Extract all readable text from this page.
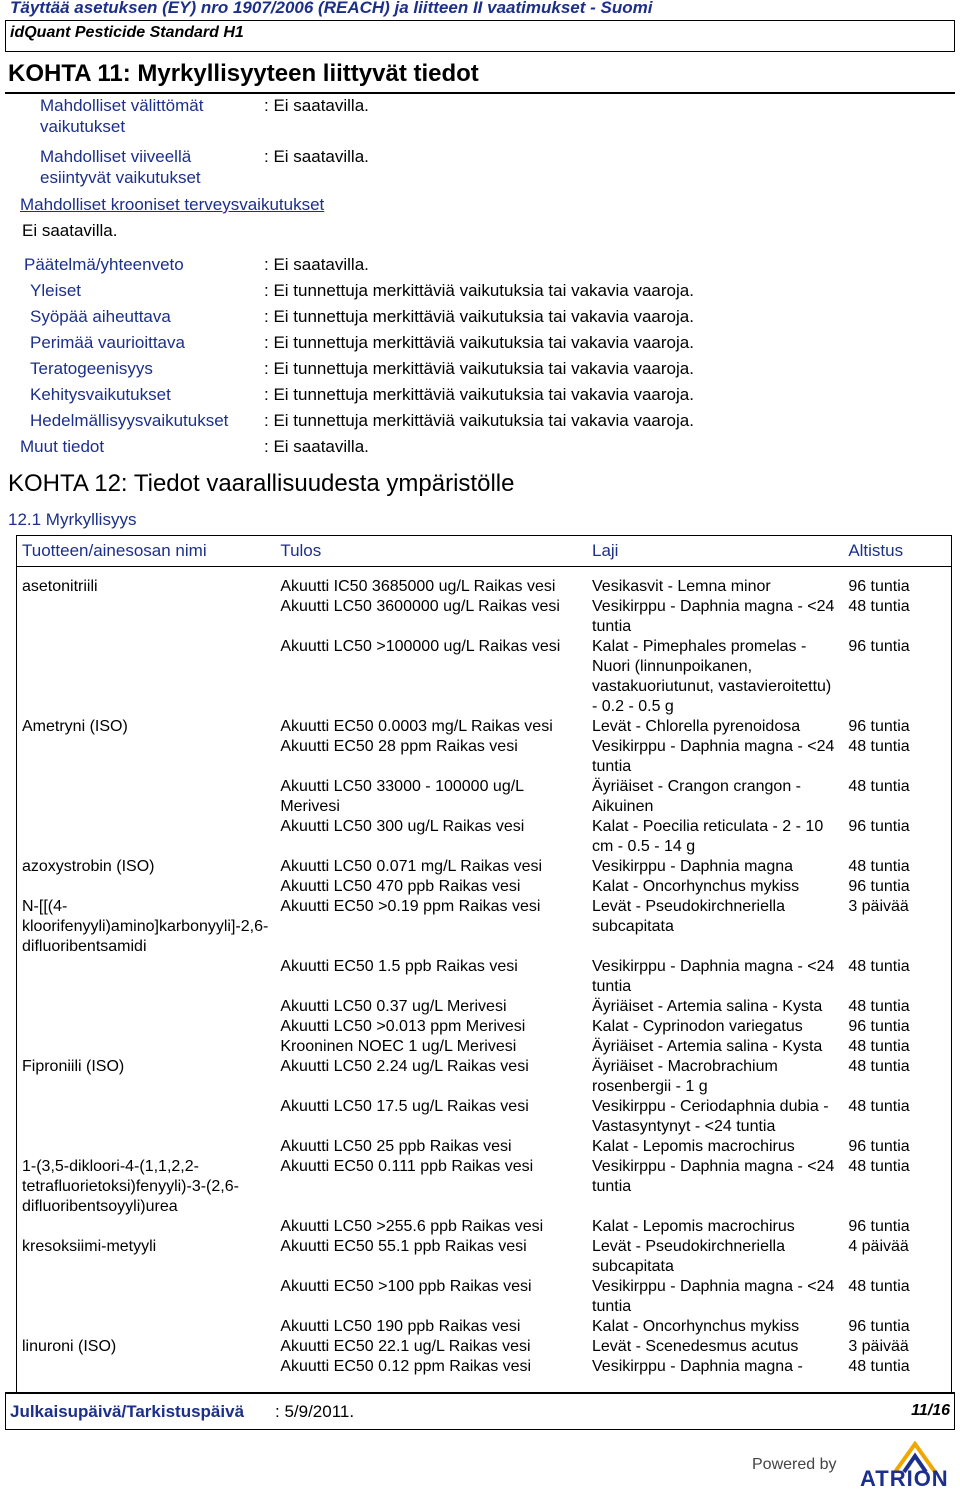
Täyttää asetuksen (EY) nro 1907/2006 (REACH) ja liitteen II vaatimukset - Suomi
idQuant Pesticide Standard H1
KOHTA 11: Myrkyllisyyteen liittyvät tiedot
Mahdolliset välittömät
vaikutukset
: Ei saatavilla.
Mahdolliset viiveellä
esiintyvät vaikutukset
: Ei saatavilla.
Mahdolliset krooniset terveysvaikutukset
Ei saatavilla.
Päätelmä/yhteenveto	: Ei saatavilla.
Yleiset	: Ei tunnettuja merkittäviä vaikutuksia tai vakavia vaaroja.
Syöpää aiheuttava	: Ei tunnettuja merkittäviä vaikutuksia tai vakavia vaaroja.
Perimää vaurioittava	: Ei tunnettuja merkittäviä vaikutuksia tai vakavia vaaroja.
Teratogeenisyys	: Ei tunnettuja merkittäviä vaikutuksia tai vakavia vaaroja.
Kehitysvaikutukset	: Ei tunnettuja merkittäviä vaikutuksia tai vakavia vaaroja.
Hedelmällisyysvaikutukset : Ei tunnettuja merkittäviä vaikutuksia tai vakavia vaaroja.
Muut tiedot	: Ei saatavilla.
KOHTA 12: Tiedot vaarallisuudesta ympäristölle
12.1 Myrkyllisyys
Tuotteen/ainesosan nimi	Tulos	Laji	Altistus

asetonitriili	Akuutti IC50 3685000 ug/L Raikas vesi	Vesikasvit - Lemna minor	96 tuntia
	Akuutti LC50 3600000 ug/L Raikas vesi	Vesikirppu - Daphnia magna - <24 tuntia	48 tuntia
	Akuutti LC50 >100000 ug/L Raikas vesi	Kalat - Pimephales promelas - Nuori (linnunpoikanen, vastakuoriutunut, vastavieroitettu) - 0.2 - 0.5 g	96 tuntia
Ametryni (ISO)	Akuutti EC50 0.0003 mg/L Raikas vesi	Levät - Chlorella pyrenoidosa	96 tuntia
	Akuutti EC50 28 ppm Raikas vesi	Vesikirppu - Daphnia magna - <24 tuntia	48 tuntia
	Akuutti LC50 33000 - 100000 ug/L Merivesi	Äyriäiset - Crangon crangon - Aikuinen	48 tuntia
	Akuutti LC50 300 ug/L Raikas vesi	Kalat - Poecilia reticulata - 2 - 10 cm - 0.5 - 14 g	96 tuntia
azoxystrobin (ISO)	Akuutti LC50 0.071 mg/L Raikas vesi	Vesikirppu - Daphnia magna	48 tuntia
	Akuutti LC50 470 ppb Raikas vesi	Kalat - Oncorhynchus mykiss	96 tuntia
N-[[(4-kloorifenyyli)amino]karbonyyli]-2,6-difluoribentsamidi	Akuutti EC50 >0.19 ppm Raikas vesi	Levät - Pseudokirchneriella subcapitata	3 päivää
	Akuutti EC50 1.5 ppb Raikas vesi	Vesikirppu - Daphnia magna - <24 tuntia	48 tuntia
	Akuutti LC50 0.37 ug/L Merivesi	Äyriäiset - Artemia salina - Kysta	48 tuntia
	Akuutti LC50 >0.013 ppm Merivesi	Kalat - Cyprinodon variegatus	96 tuntia
	Krooninen NOEC 1 ug/L Merivesi	Äyriäiset - Artemia salina - Kysta	48 tuntia
Fiproniili (ISO)	Akuutti LC50 2.24 ug/L Raikas vesi	Äyriäiset - Macrobrachium rosenbergii - 1 g	48 tuntia
	Akuutti LC50 17.5 ug/L Raikas vesi	Vesikirppu - Ceriodaphnia dubia - Vastasyntynyt - <24 tuntia	48 tuntia
	Akuutti LC50 25 ppb Raikas vesi	Kalat - Lepomis macrochirus	96 tuntia
1-(3,5-dikloori-4-(1,1,2,2-tetrafluorietoksi)fenyyli)-3-(2,6-difluoribentsoyyli)urea	Akuutti EC50 0.111 ppb Raikas vesi	Vesikirppu - Daphnia magna - <24 tuntia	48 tuntia
	Akuutti LC50 >255.6 ppb Raikas vesi	Kalat - Lepomis macrochirus	96 tuntia
kresoksiimi-metyyli	Akuutti EC50 55.1 ppb Raikas vesi	Levät - Pseudokirchneriella subcapitata	4 päivää
	Akuutti EC50 >100 ppb Raikas vesi	Vesikirppu - Daphnia magna - <24 tuntia	48 tuntia
	Akuutti LC50 190 ppb Raikas vesi	Kalat - Oncorhynchus mykiss	96 tuntia
linuroni (ISO)	Akuutti EC50 22.1 ug/L Raikas vesi	Levät - Scenedesmus acutus	3 päivää
	Akuutti EC50 0.12 ppm Raikas vesi	Vesikirppu - Daphnia magna -	48 tuntia
Julkaisupäivä/Tarkistuspäivä : 5/9/2011.	11/16
Powered by
ATRION
